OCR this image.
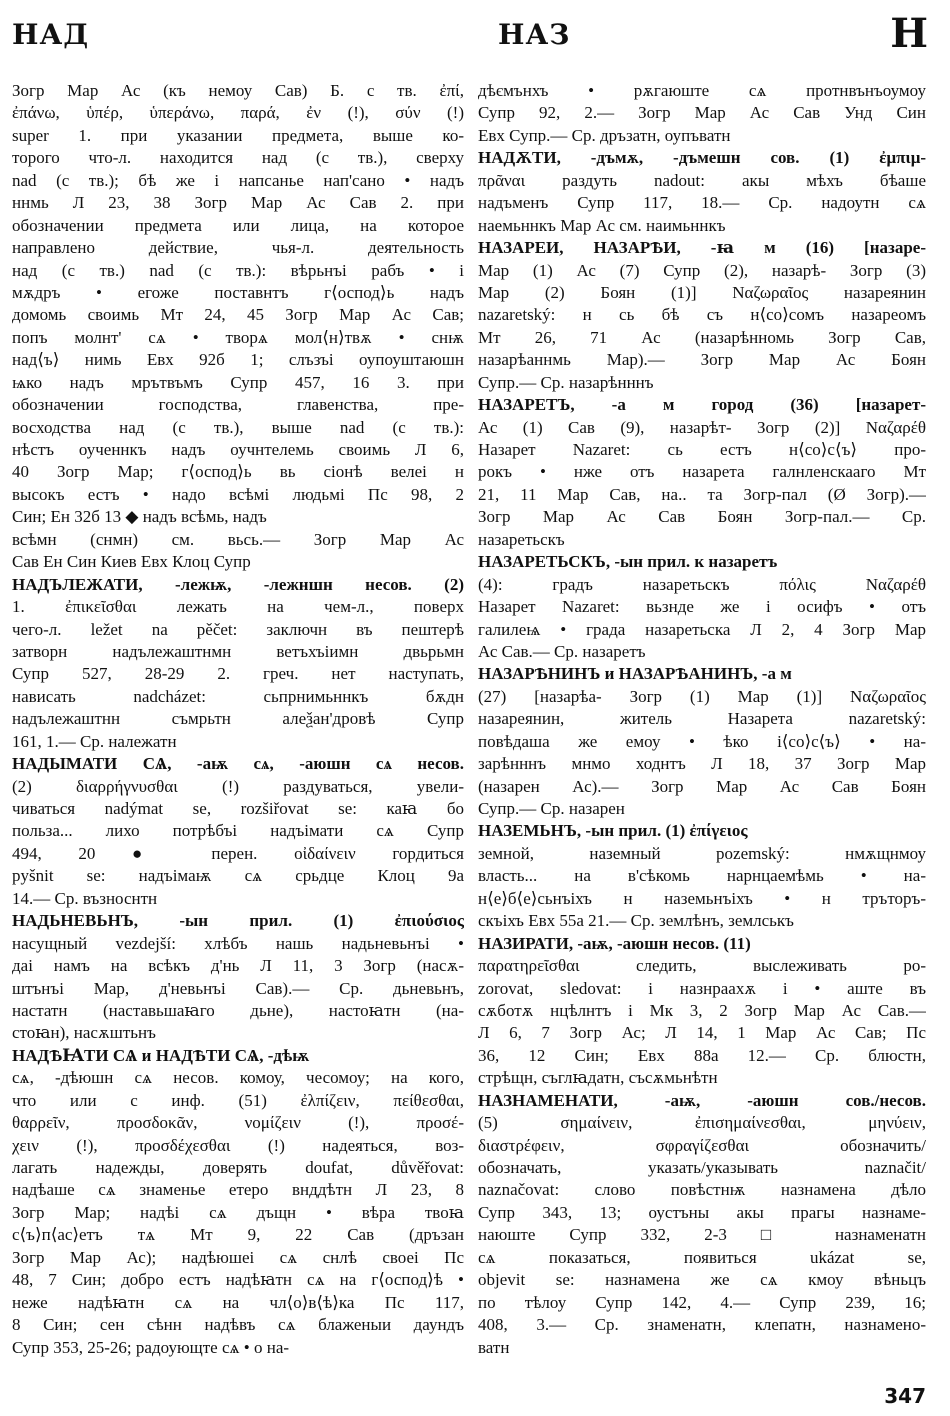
НАД	НАЗ	Н
Зогр Мар Ас (къ немоу Сав) Б. с тв. ἐπί,
ἐπάνω, ὑπέρ, ὑπεράνω, παρά, ἐν (!), σύν (!)
super 1. при указании предмета, выше ко-
торого что-л. находится над (с тв.), сверху
nad (с тв.); бѣ же і напсанье нап'сано • надъ
ннмь Л 23, 38 Зогр Мар Ас Сав 2. при
обозначении предмета или лица, на которое
направлено действие, чья-л. деятельность
над (с тв.) nad (с тв.): вѣрьнъі рабъ • і
мѫдръ • егоже поставнтъ г⟨оспод⟩ь надъ
домомь своимь Мт 24, 45 Зогр Мар Ас Сав;
попъ молнт' сѧ • творѧ мол⟨н⟩твѫ • снѭ
над⟨ъ⟩ нимь Евх 92б 1; слъзъі оупоуштаюшн
ѩко надъ мрътвъмъ Супр 457, 16 3. при
обозначении господства, главенства, пре-
восходства над (с тв.), выше nad (с тв.):
нѣстъ оученнкъ надъ оучнтелемь своимь Л 6,
40 Зогр Мар; г⟨оспод⟩ь вь сіонѣ велеі н
высокъ естъ • надо всѣмі людьмі Пс 98, 2
Син; Ен 32б 13 ◆ надъ всѣмь, надъ
всѣмн (снмн) см. вьсь.— Зогр Мар Ас
Сав Ен Син Киев Евх Клоц Супр
НАДЪЛЕЖАТИ, -лежѭ, -лежншн несов. (2)
1. ἐπικεῖσθαι лежать на чем-л., поверх
чего-л. ležet na pěčet: заключн въ пештерѣ
затворн надълежаштнмн ветъхъіимн двьрьмн
Супр 527, 28-29 2. греч. нет наступать,
нависать nadcházet: сьпрнимьннкъ бѫдн
надълежаштнн съмрьтн алеѯан'дровѣ Супр
161, 1.— Ср. належатн
НАДЫМАТИ СѦ, -аѭ сѧ, -аюшн сѧ несов.
(2) διαρρήγνυσθαι (!) раздуваться, увели-
чиваться nadýmat se, rozšiřovat se: каꙗ бо
польза... лихо потрѣбъі надъімати сѧ Супр
494, 20 ● перен. οἰδαίνειν гордиться
pyšnit se: надъімаѭ сѧ срьдце Клоц 9а
14.— Ср. възноснтн
НАДЬНЕВЬНЪ, -ын прил. (1) ἐπιούσιος
насущный vezdejší: хлѣбъ нашь надьневьнъі •
даі намъ на всѣкъ д'нь Л 11, 3 Зогр (насѫ-
штънъі Мар, д'невьнъі Сав).— Ср. дьневьнъ,
настатн (наставьшаꙗго дьне), настоꙗтн (на-
стоꙗн), насѫштьнъ
НАДѢꙖТИ СѦ и НАДѢТИ СѦ, -дѣѭ
сѧ, -дѣюшн сѧ несов. комоу, чесомоу; на кого,
что или с инф. (51) ἐλπίζειν, πείθεσθαι,
θαρρεῖν, προσδοκᾶν, νομίζειν (!), προσέ-
χειν (!), προσδέχεσθαι (!) надеяться, воз-
лагать надежды, доверять doufat, důvěřovat:
надѣаше сѧ знаменье етеро внддѣтн Л 23, 8
Зогр Мар; надѣі сѧ дъщн • вѣра твоꙗ
с⟨ъ⟩п⟨ас⟩етъ тѧ Мт 9, 22 Сав (дръзан
Зогр Мар Ас); надѣюшеі сѧ снлѣ своеі Пс
48, 7 Син; добро естъ надѣꙗтн сѧ на г⟨оспод⟩ѣ •
неже надѣꙗтн сѧ на чл⟨о⟩в⟨ѣ⟩ка Пс 117,
8 Син; сен сѣнн надѣвъ сѧ блаженыи даундъ
Супр 353, 25-26; радоующте сѧ • о на-
дѣємънхъ • рѫгаюште сѧ протнвънъоумоу
Супр 92, 2.— Зогр Мар Ас Сав Унд Син
Евх Супр.— Ср. дръзатн, оупъватн
НАДѪТИ, -дъмѫ, -дъмешн сов. (1) ἐμπιμ-
πρᾶναι раздуть nadout: акы мѣхъ бѣаше
надъменъ Супр 117, 18.— Ср. надоутн сѧ
наемьннкъ Мар Ас см. наимьннкъ
НАЗАРЕИ, НАЗАРѢИ, -ꙗ м (16) [назаре-
Мар (1) Ас (7) Супр (2), назарѣ- Зогр (3)
Мар (2) Боян (1)] Ναζωραῖος назареянин
nazaretský: н сь бѣ съ н⟨со⟩сомъ назареомъ
Мт 26, 71 Ас (назарѣнномь Зогр Сав,
назарѣаннмь Мар).— Зогр Мар Ас Боян
Супр.— Ср. назарѣнннъ
НАЗАРЕТЪ, -а м город (36) [назарет-
Ас (1) Сав (9), назарѣт- Зогр (2)] Ναζαρέθ
Назарет Nazaret: сь естъ н⟨со⟩с⟨ъ⟩ про-
рокъ • нже отъ назарета галнленскааго Мт
21, 11 Мар Сав, на.. та Зогр-пал (Ø Зогр).—
Зогр Мар Ас Сав Боян Зогр-пал.— Ср.
назаретьскъ
НАЗАРЕТЬСКЪ, -ын прил. к назаретъ
(4): градъ назаретьскъ πόλις Ναζαρέθ
Назарет Nazaret: вьзнде же і осифъ • отъ
галилеѩ • града назаретьска Л 2, 4 Зогр Мар
Ас Сав.— Ср. назаретъ
НАЗАРѢНИНЪ и НАЗАРѢАНИНЪ, -а м
(27) [назарѣа- Зогр (1) Мар (1)] Ναζωραῖος
назареянин, житель Назарета nazaretský:
повѣдаша же емоу • ѣко і⟨со⟩с⟨ъ⟩ • на-
зарѣнннъ мнмо ходнтъ Л 18, 37 Зогр Мар
(назарен Ас).— Зогр Мар Ас Сав Боян
Супр.— Ср. назарен
НАЗЕМЬНЪ, -ын прил. (1) ἐπίγειος
земной, наземный pozemský: нмѫщнмоу
власть... на в'сѣкомь нарнцаемѣмь • на-
н⟨е⟩б⟨е⟩сьнъіхъ н наземьнъіхъ • н тръторъ-
скъіхъ Евх 55а 21.— Ср. землѣнъ, землськъ
НАЗИРАТИ, -аѭ, -аюшн несов. (11)
παρατηρεῖσθαι следить, выслеживать po-
zorovat, sledovat: і назнраахѫ і • аште въ
сѫботѫ нцѣлнтъ і Мк 3, 2 Зогр Мар Ас Сав.—
Л 6, 7 Зогр Ас; Л 14, 1 Мар Ас Сав; Пс
36, 12 Син; Евх 88а 12.— Ср. блюстн,
стрѣщн, съглꙗдатн, съсѫмьнѣтн
НАЗНАМЕНАТИ, -аѭ, -аюшн сов./несов.
(5) σημαίνειν, ἐπισημαίνεσθαι, μηνύειν,
διαστρέφειν, σφραγίζεσθαι обозначить/
обозначать, указать/указывать naznačit/
naznačovat: слово повѣстнѭ назнамена дѣло
Супр 343, 13; оустъны акы прагы назнаме-
наюште Супр 332, 2-3 □ назнаменатн
сѧ показаться, появиться ukázat se,
objevit se: назнамена же сѧ кмоу вѣньцъ
по тѣлоу Супр 142, 4.— Супр 239, 16;
408, 3.— Ср. знаменатн, клепатн, назнамено-
ватн
347
